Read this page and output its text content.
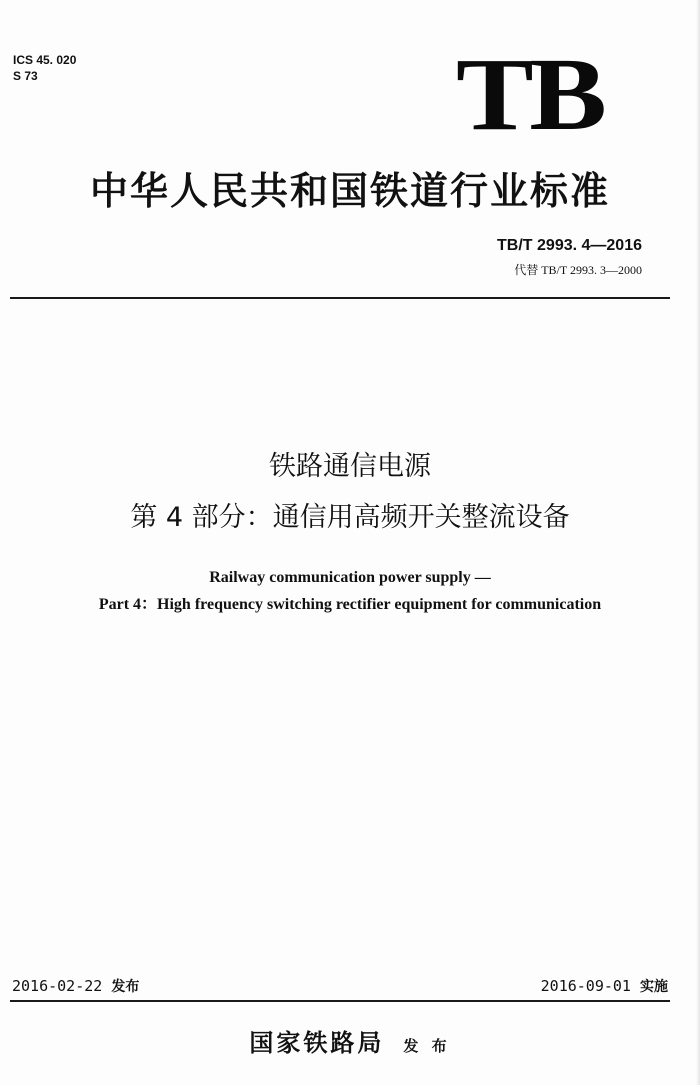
ICS 45. 020
S 73	TB
中华人民共和国铁道行业标准
TB/T 2993. 4—2016
代替 TB/T 2993. 3—2000
铁路通信电源
第 4 部分：通信用高频开关整流设备
Railway communication power supply —
Part 4：High frequency switching rectifier equipment for communication
2016-02-22 发布	2016-09-01 实施
国家铁路局 发 布
